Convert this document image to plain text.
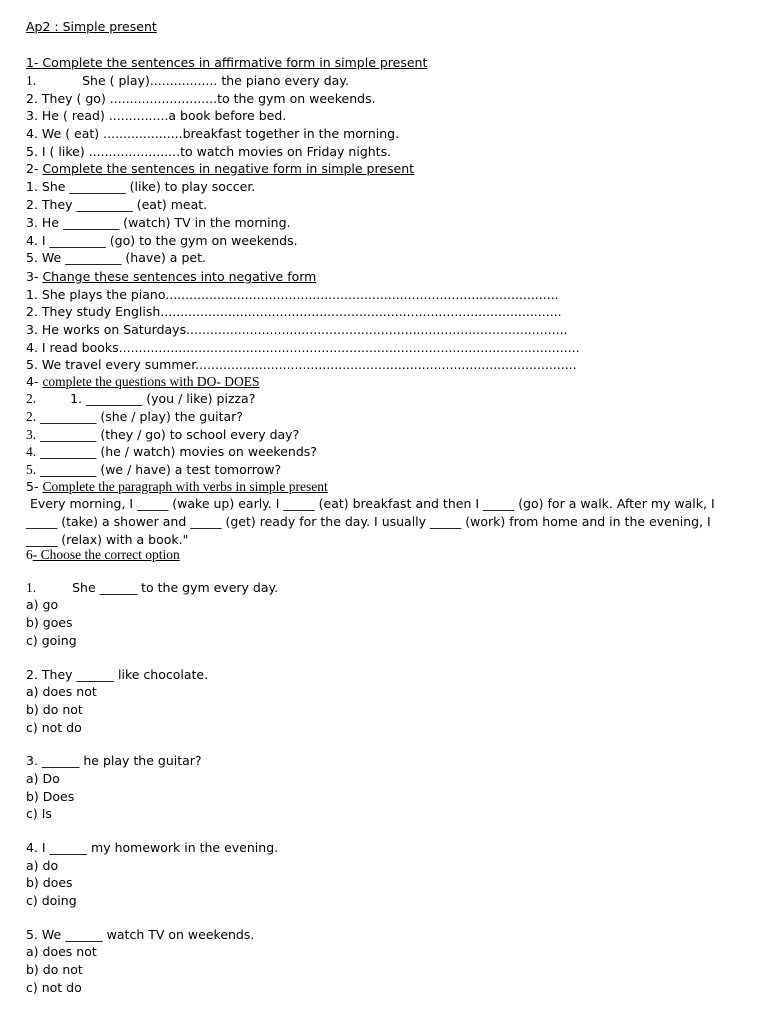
Ap2 : Simple present
1- Complete the sentences in affirmative form in simple present
1.	She ( play)................. the piano every day.
2. They ( go) ...........................to the gym on weekends.
3. He ( read) ...............a book before bed.
4. We ( eat) ....................breakfast together in the morning.
5. I ( like) .......................to watch movies on Friday nights.
2- Complete the sentences in negative form in simple present
1. She _________ (like) to play soccer.
2. They _________ (eat) meat.
3. He _________ (watch) TV in the morning.
4. I _________ (go) to the gym on weekends.
5. We _________ (have) a pet.
3- Change these sentences into negative form
1. She plays the piano...................................................................................................
2. They study English.....................................................................................................
3. He works on Saturdays................................................................................................
4. I read books....................................................................................................................
5. We travel every summer................................................................................................
4- complete the questions with DO- DOES
2.	1. _________ (you / like) pizza?
2. _________ (she / play) the guitar?
3. _________ (they / go) to school every day?
4. _________ (he / watch) movies on weekends?
5. _________ (we / have) a test tomorrow?
5- Complete the paragraph with verbs in simple present
Every morning, I _____ (wake up) early. I _____ (eat) breakfast and then I _____ (go) for a walk. After my walk, I
_____ (take) a shower and _____ (get) ready for the day. I usually _____ (work) from home and in the evening, I
_____ (relax) with a book."
6- Choose the correct option
1.	She ______ to the gym every day.
a) go
b) goes
c) going
2. They ______ like chocolate.
a) does not
b) do not
c) not do
3. ______ he play the guitar?
a) Do
b) Does
c) Is
4. I ______ my homework in the evening.
a) do
b) does
c) doing
5. We ______ watch TV on weekends.
a) does not
b) do not
c) not do
